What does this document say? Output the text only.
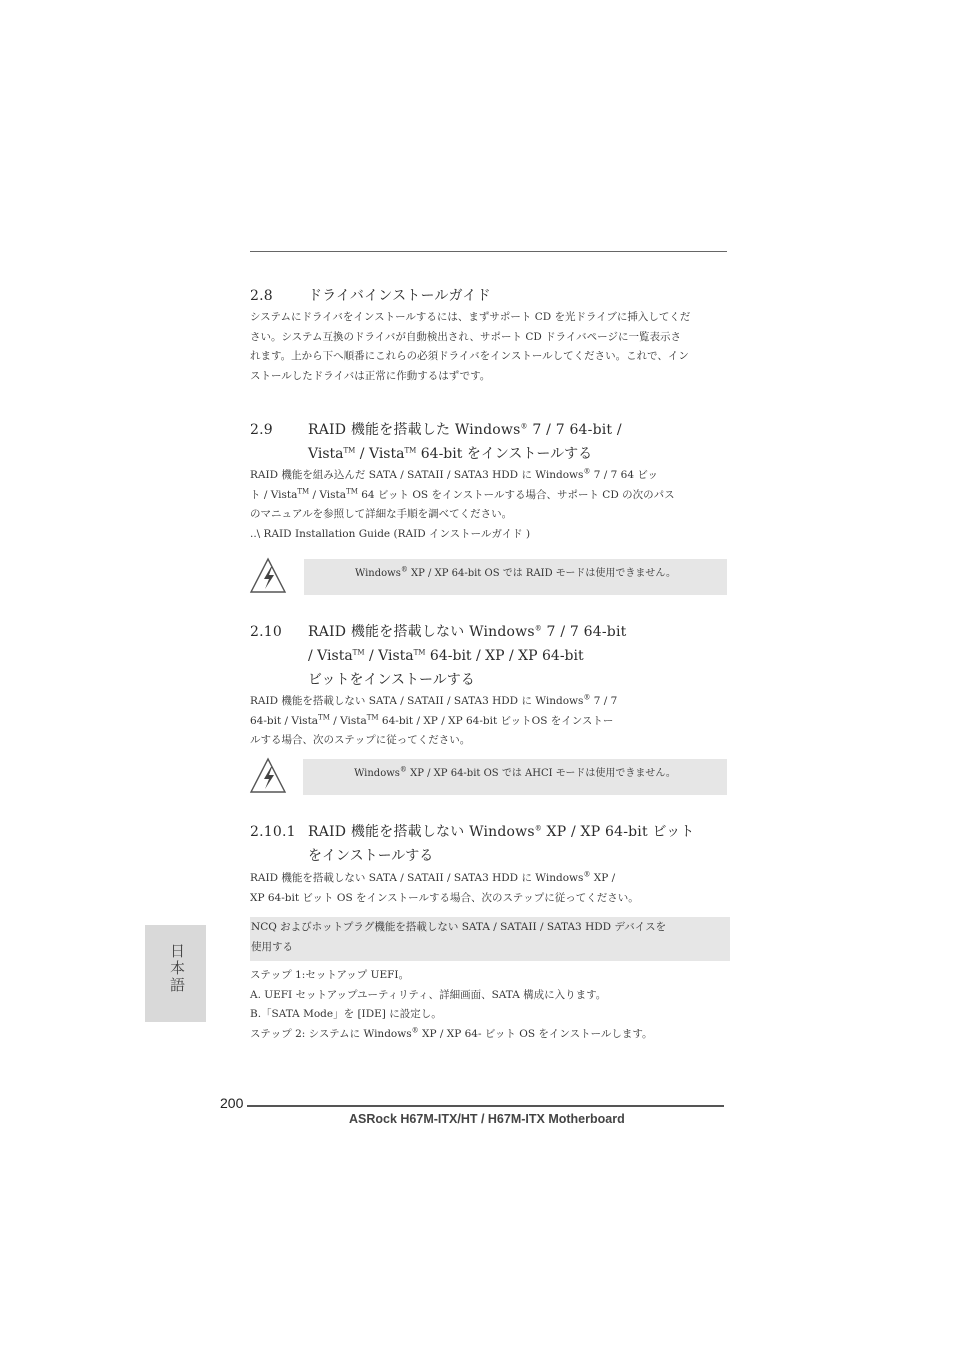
2.8	ドライバインストールガイド

システムにドライバをインストールするには、まずサポート CD を光ドライブに挿入してくだ

さい。システム互換のドライバが自動検出され、サポート CD ドライバページに一覧表示さ

れます。上から下へ順番にこれらの必須ドライバをインストールしてください。これで、イン

ストールしたドライバは正常に作動するはずです。

2.9	RAID 機能を搭載した Windows® 7 / 7 64-bit /
Vista™ / Vista™ 64-bit をインストールする

RAID 機能を組み込んだ SATA / SATAII / SATA3 HDD に Windows® 7 / 7 64 ビッ

ト / Vista™ / Vista™ 64 ビット OS をインストールする場合、サポート CD の次のパス

のマニュアルを参照して詳細な手順を調べてください。

..\ RAID Installation Guide (RAID インストールガイド )

Windows® XP / XP 64-bit OS では RAID モードは使用できません。
2.10 RAID 機能を搭載しない Windows® 7 / 7 64-bit
/ Vista™ / Vista™ 64-bit / XP / XP 64-bit
ビットをインストールする

RAID 機能を搭載しない SATA / SATAII / SATA3 HDD に Windows® 7 / 7

64-bit / Vista™ / Vista™ 64-bit / XP / XP 64-bit ビットOS をインストー

ルする場合、次のステップに従ってください。

Windows® XP / XP 64-bit OS では AHCI モードは使用できません。
2.10.1 RAID 機能を搭載しない Windows® XP / XP 64-bit ビット
をインストールする

RAID 機能を搭載しない SATA / SATAII / SATA3 HDD に Windows® XP /

XP 64-bit ビット OS をインストールする場合、次のステップに従ってください。

NCQ およびホットプラグ機能を搭載しない SATA / SATAII / SATA3 HDD デバイスを

使用する

ステップ 1:セットアップ UEFI。

A. UEFI セットアップユーティリティ、詳細画面、SATA 構成に入ります。

B.「SATA Mode」を [IDE] に設定し。

ステップ 2: システムに Windows® XP / XP 64- ビット OS をインストールします。

日本語
200
ASRock H67M-ITX/HT / H67M-ITX Motherboard
